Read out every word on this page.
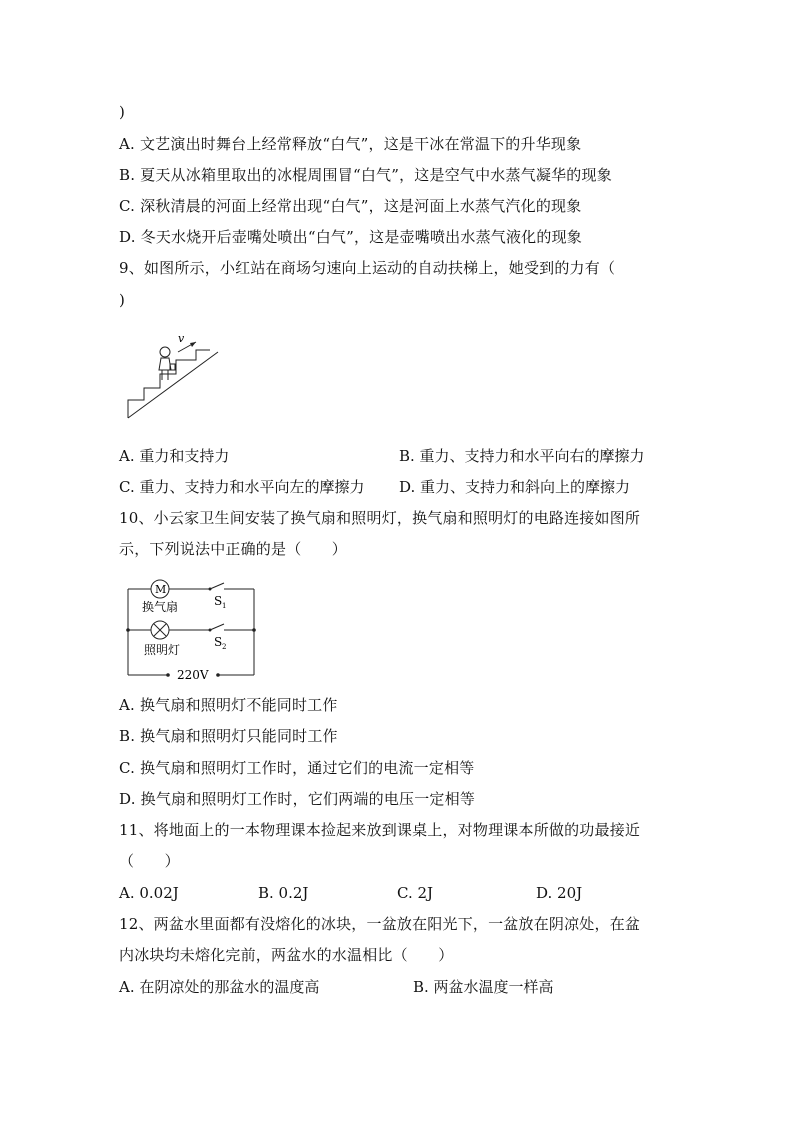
)
A. 文艺演出时舞台上经常释放“白气”，这是干冰在常温下的升华现象
B. 夏天从冰箱里取出的冰棍周围冒“白气”，这是空气中水蒸气凝华的现象
C. 深秋清晨的河面上经常出现“白气”，这是河面上水蒸气汽化的现象
D. 冬天水烧开后壶嘴处喷出“白气”，这是壶嘴喷出水蒸气液化的现象
9、如图所示，小红站在商场匀速向上运动的自动扶梯上，她受到的力有（
)
v
A. 重力和支持力	B. 重力、支持力和水平向右的摩擦力
C. 重力、支持力和水平向左的摩擦力 D. 重力、支持力和斜向上的摩擦力
10、小云家卫生间安装了换气扇和照明灯，换气扇和照明灯的电路连接如图所
示，下列说法中正确的是（　　）
M
换气扇
照明灯
S 1
S 2
220V
A. 换气扇和照明灯不能同时工作
B. 换气扇和照明灯只能同时工作
C. 换气扇和照明灯工作时，通过它们的电流一定相等
D. 换气扇和照明灯工作时，它们两端的电压一定相等
11、将地面上的一本物理课本捡起来放到课桌上，对物理课本所做的功最接近
（　　）
A. 0.02J	B. 0.2J	C. 2J	D. 20J
12、两盆水里面都有没熔化的冰块，一盆放在阳光下，一盆放在阴凉处，在盆
内冰块均未熔化完前，两盆水的水温相比（　　）
A. 在阴凉处的那盆水的温度高	B. 两盆水温度一样高
